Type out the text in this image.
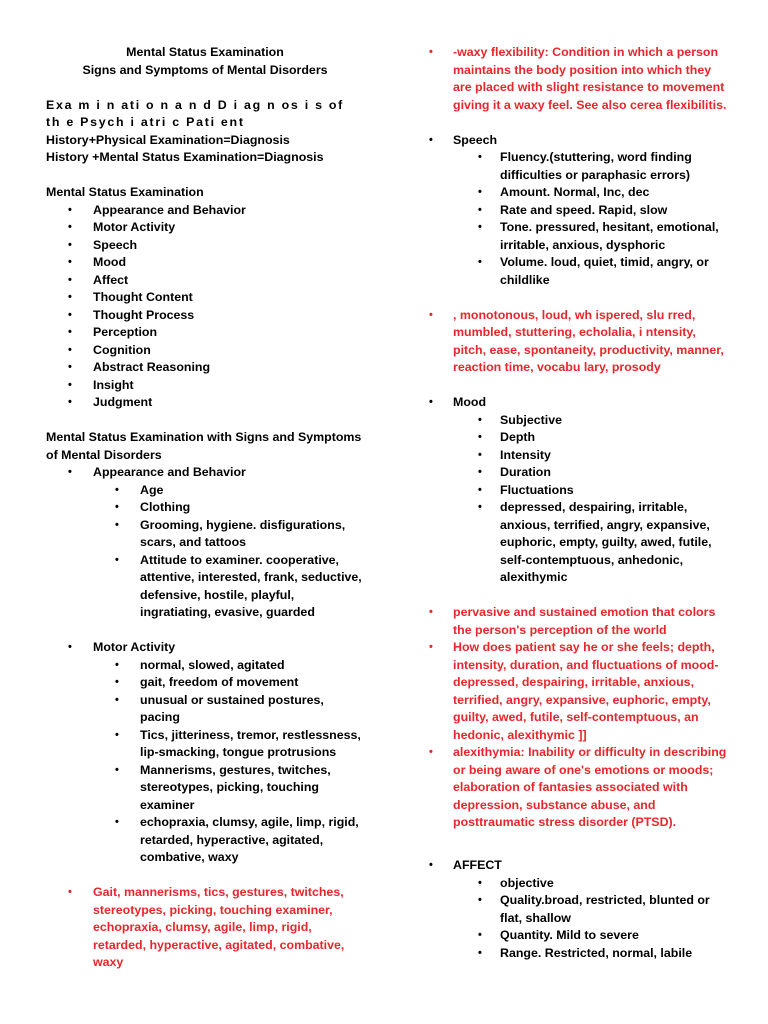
Mental Status Examination
Signs and Symptoms of Mental Disorders
Exa m i n ati o n a n d D i ag n os i s of th e Psych i atri c Pati ent
History+Physical Examination=Diagnosis
History +Mental Status Examination=Diagnosis
Mental Status Examination
• Appearance and Behavior
• Motor Activity
• Speech
• Mood
• Affect
• Thought Content
• Thought Process
• Perception
• Cognition
• Abstract Reasoning
• Insight
• Judgment
Mental Status Examination with Signs and Symptoms of Mental Disorders
• Appearance and Behavior
• Age
• Clothing
• Grooming, hygiene. disfigurations, scars, and tattoos
• Attitude to examiner. cooperative, attentive, interested, frank, seductive, defensive, hostile, playful, ingratiating, evasive, guarded
• Motor Activity
• normal, slowed, agitated
• gait, freedom of movement
• unusual or sustained postures, pacing
• Tics, jitteriness, tremor, restlessness, lip-smacking, tongue protrusions
• Mannerisms, gestures, twitches, stereotypes, picking, touching examiner
• echopraxia, clumsy, agile, limp, rigid, retarded, hyperactive, agitated, combative, waxy
• Gait, mannerisms, tics, gestures, twitches, stereotypes, picking, touching examiner, echopraxia, clumsy, agile, limp, rigid, retarded, hyperactive, agitated, combative, waxy
• -waxy flexibility: Condition in which a person maintains the body position into which they are placed with slight resistance to movement giving it a waxy feel. See also cerea flexibilitis.
• Speech
• Fluency.(stuttering, word finding difficulties or paraphasic errors)
• Amount. Normal, Inc, dec
• Rate and speed. Rapid, slow
• Tone. pressured, hesitant, emotional, irritable, anxious, dysphoric
• Volume. loud, quiet, timid, angry, or childlike
• , monotonous, loud, wh ispered, slu rred, mumbled, stuttering, echolalia, i ntensity, pitch, ease, spontaneity, productivity, manner, reaction time, vocabu lary, prosody
• Mood
• Subjective
• Depth
• Intensity
• Duration
• Fluctuations
• depressed, despairing, irritable, anxious, terrified, angry, expansive, euphoric, empty, guilty, awed, futile, self-contemptuous, anhedonic, alexithymic
• pervasive and sustained emotion that colors the person's perception of the world
• How does patient say he or she feels; depth, intensity, duration, and fluctuations of mood-depressed, despairing, irritable, anxious, terrified, angry, expansive, euphoric, empty, guilty, awed, futile, self-contemptuous, an hedonic, alexithymic ]]
• alexithymia: Inability or difficulty in describing or being aware of one's emotions or moods; elaboration of fantasies associated with depression, substance abuse, and posttraumatic stress disorder (PTSD).
• AFFECT
• objective
• Quality.broad, restricted, blunted or flat, shallow
• Quantity. Mild to severe
• Range. Restricted, normal, labile
